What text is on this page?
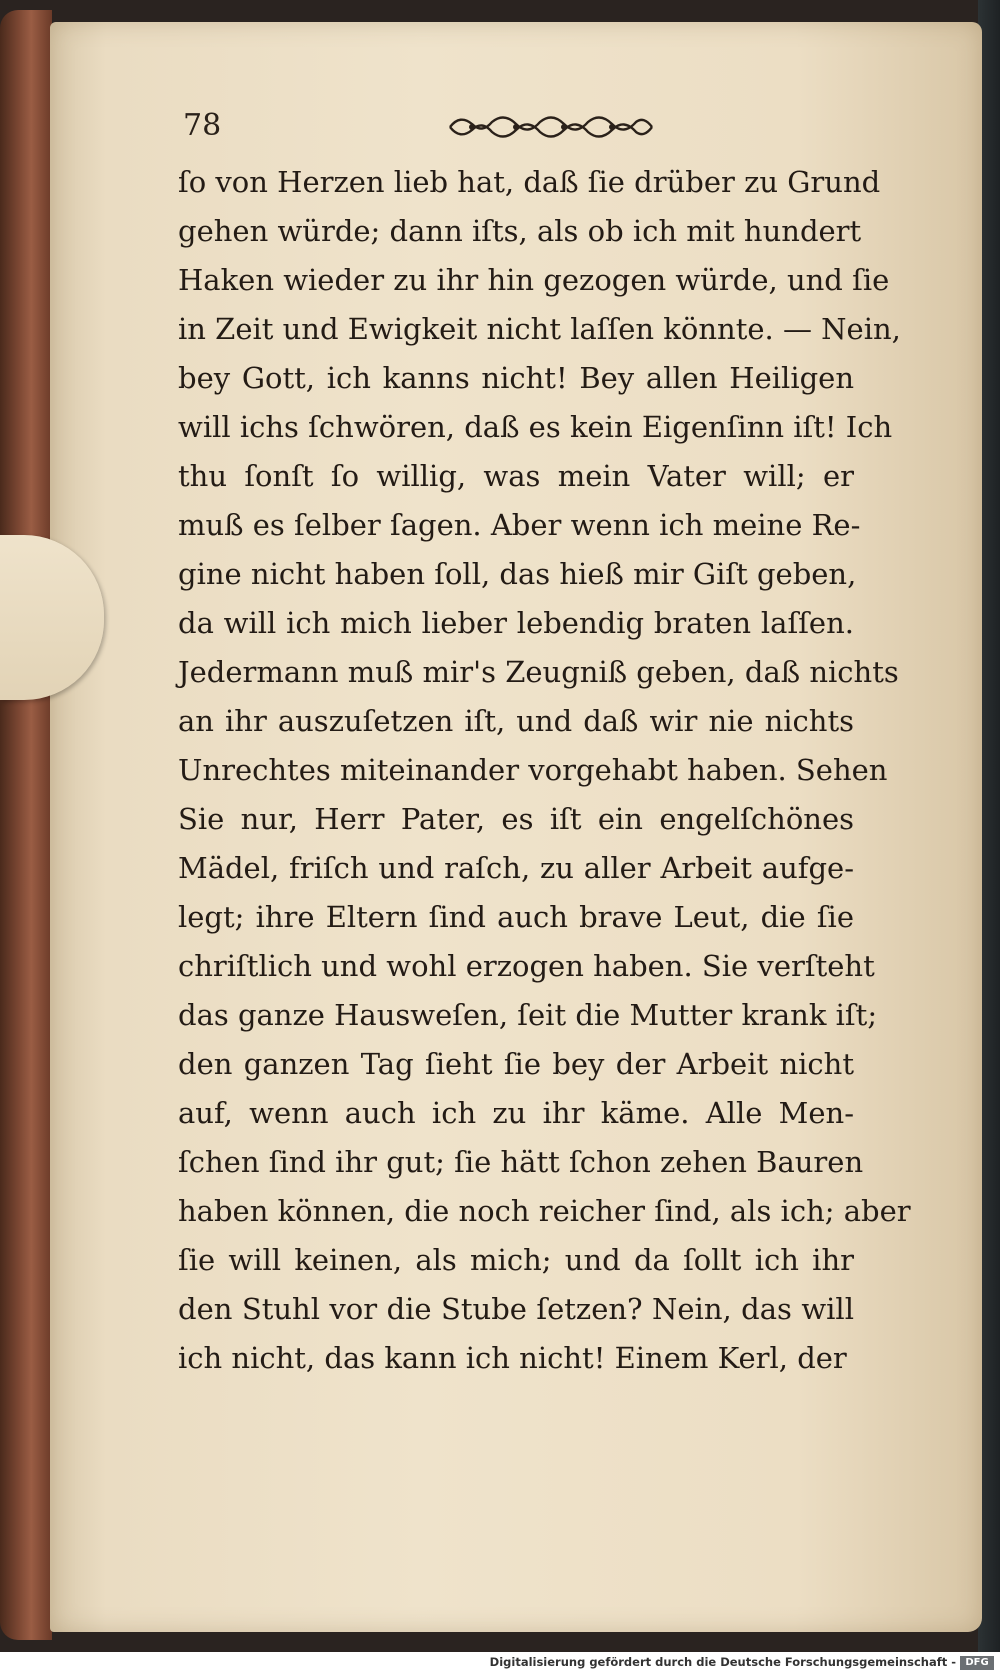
78
ſo von Herzen lieb hat, daß ſie drüber zu Grund
gehen würde; dann iſts, als ob ich mit hundert
Haken wieder zu ihr hin gezogen würde, und ſie
in Zeit und Ewigkeit nicht laſſen könnte. — Nein,
bey Gott, ich kanns nicht! Bey allen Heiligen
will ichs ſchwören, daß es kein Eigenſinn iſt! Ich
thu ſonſt ſo willig, was mein Vater will; er
muß es ſelber ſagen. Aber wenn ich meine Re-
gine nicht haben ſoll, das hieß mir Giſt geben,
da will ich mich lieber lebendig braten laſſen.
Jedermann muß mir's Zeugniß geben, daß nichts
an ihr auszuſetzen iſt, und daß wir nie nichts
Unrechtes miteinander vorgehabt haben. Sehen
Sie nur, Herr Pater, es iſt ein engelſchönes
Mädel, friſch und raſch, zu aller Arbeit aufge-
legt; ihre Eltern ſind auch brave Leut, die ſie
chriſtlich und wohl erzogen haben. Sie verſteht
das ganze Hausweſen, ſeit die Mutter krank iſt;
den ganzen Tag ſieht ſie bey der Arbeit nicht
auf, wenn auch ich zu ihr käme. Alle Men-
ſchen ſind ihr gut; ſie hätt ſchon zehen Bauren
haben können, die noch reicher ſind, als ich; aber
ſie will keinen, als mich; und da ſollt ich ihr
den Stuhl vor die Stube ſetzen? Nein, das will
ich nicht, das kann ich nicht! Einem Kerl, der
Digitalisierung gefördert durch die Deutsche Forschungsgemeinschaft - DFG
